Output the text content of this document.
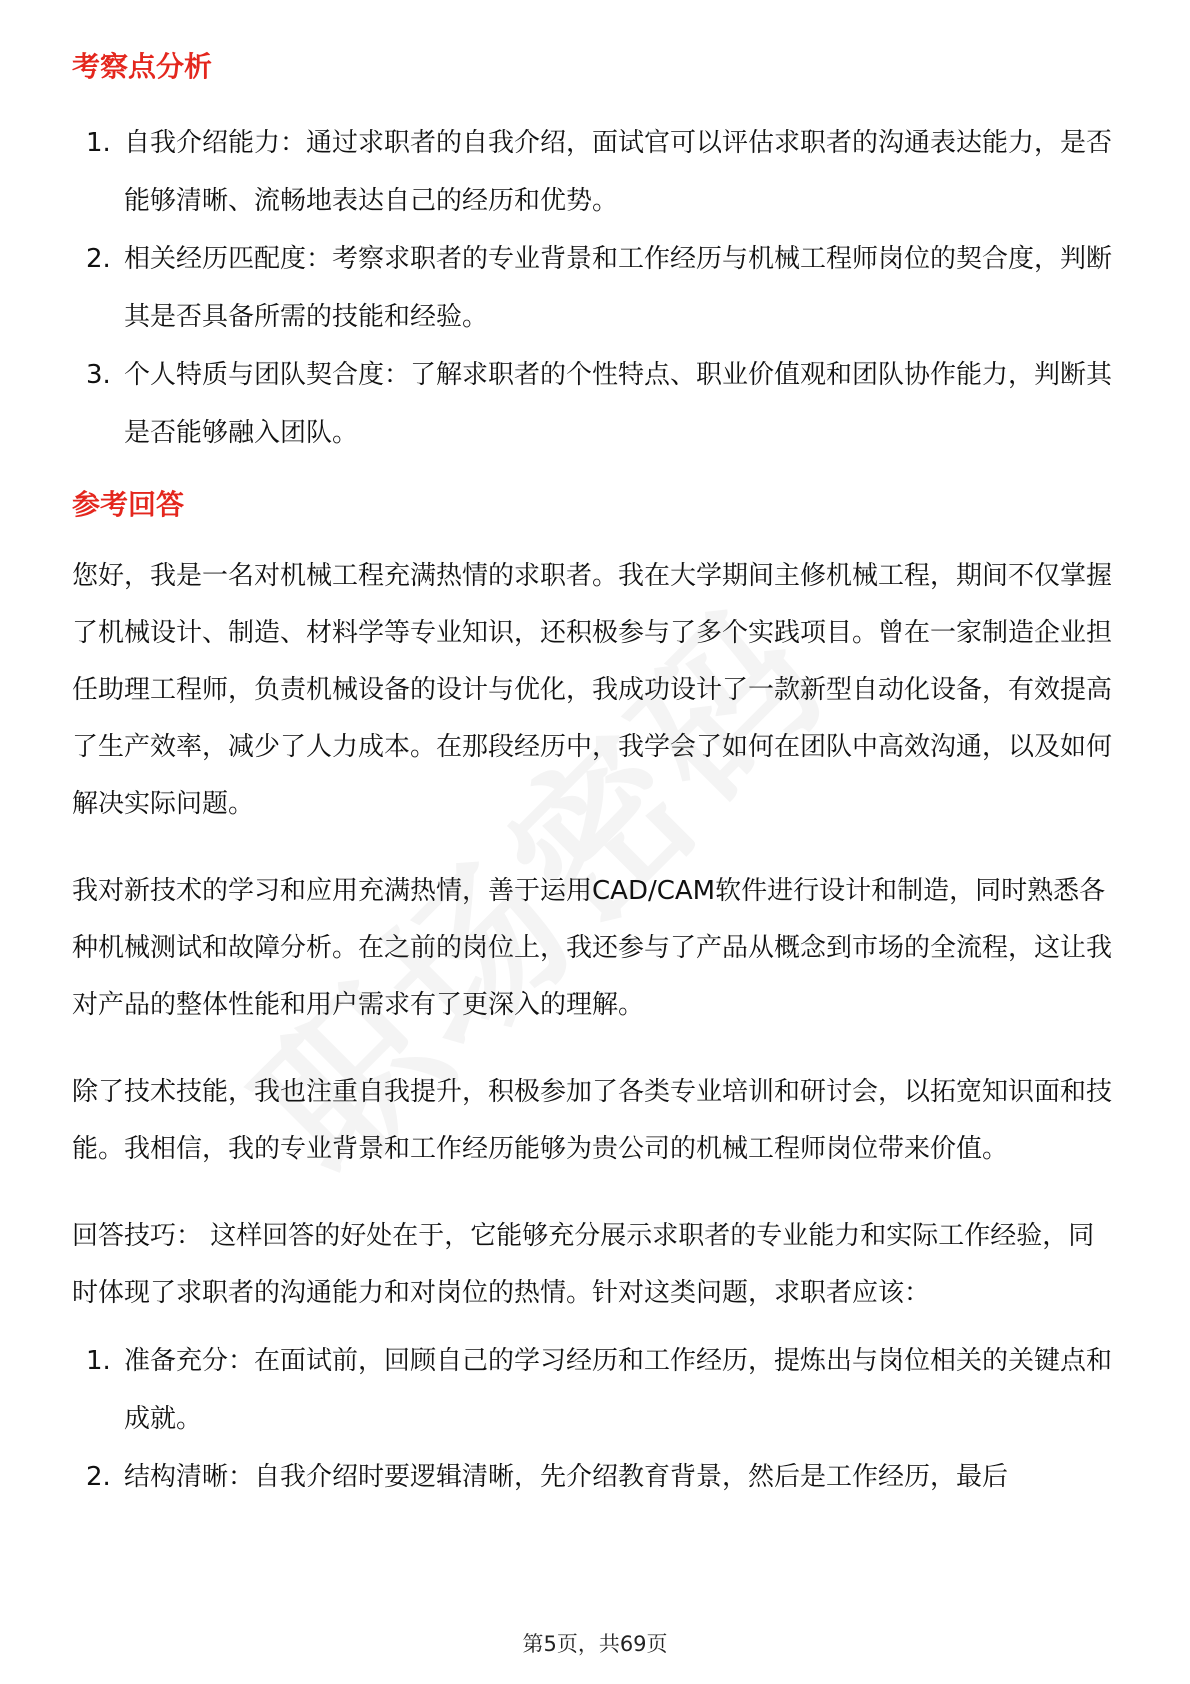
考察点分析
1. 自我介绍能力：通过求职者的自我介绍，面试官可以评估求职者的沟通表达能力，是否能够清晰、流畅地表达自己的经历和优势。
2. 相关经历匹配度：考察求职者的专业背景和工作经历与机械工程师岗位的契合度，判断其是否具备所需的技能和经验。
3. 个人特质与团队契合度：了解求职者的个性特点、职业价值观和团队协作能力，判断其是否能够融入团队。
参考回答

您好，我是一名对机械工程充满热情的求职者。我在大学期间主修机械工程，期间不仅掌握了机械设计、制造、材料学等专业知识，还积极参与了多个实践项目。曾在一家制造企业担任助理工程师，负责机械设备的设计与优化，我成功设计了一款新型自动化设备，有效提高了生产效率，减少了人力成本。在那段经历中，我学会了如何在团队中高效沟通，以及如何解决实际问题。

我对新技术的学习和应用充满热情，善于运用CAD/CAM软件进行设计和制造，同时熟悉各种机械测试和故障分析。在之前的岗位上，我还参与了产品从概念到市场的全流程，这让我对产品的整体性能和用户需求有了更深入的理解。

除了技术技能，我也注重自我提升，积极参加了各类专业培训和研讨会，以拓宽知识面和技能。我相信，我的专业背景和工作经历能够为贵公司的机械工程师岗位带来价值。

回答技巧： 这样回答的好处在于，它能够充分展示求职者的专业能力和实际工作经验，同时体现了求职者的沟通能力和对岗位的热情。针对这类问题，求职者应该：

1. 准备充分：在面试前，回顾自己的学习经历和工作经历，提炼出与岗位相关的关键点和成就。
2. 结构清晰：自我介绍时要逻辑清晰，先介绍教育背景，然后是工作经历，最后
第5页，共69页
